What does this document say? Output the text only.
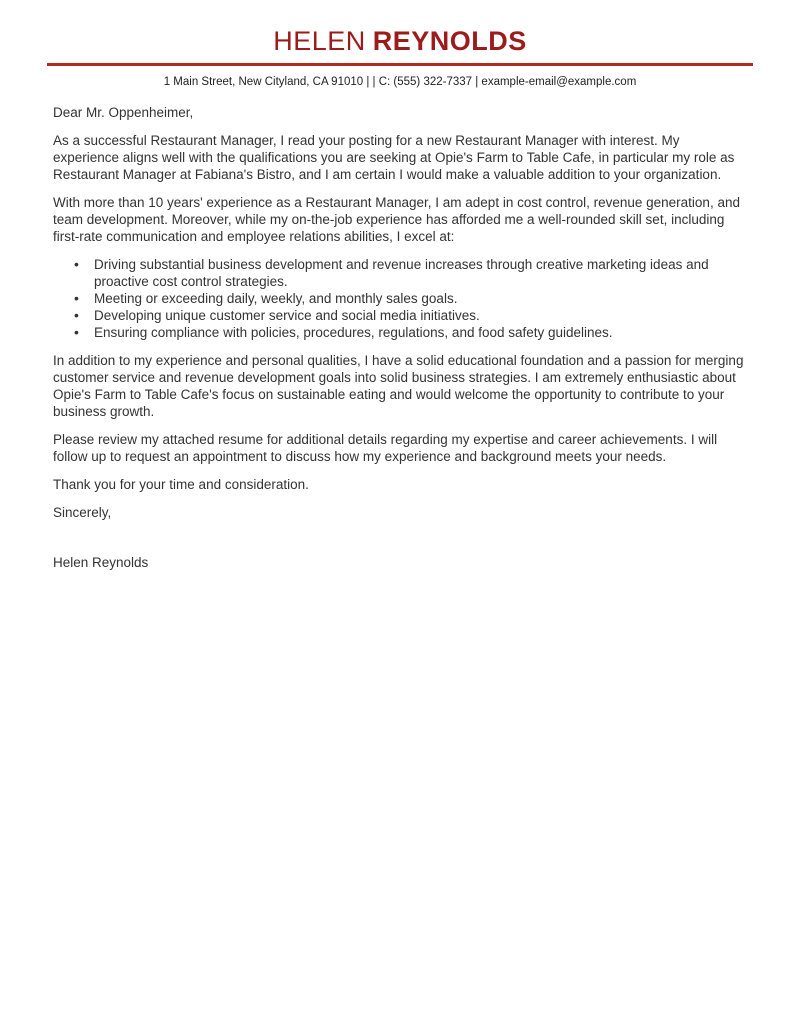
HELEN REYNOLDS
1 Main Street, New Cityland, CA 91010 | | C: (555) 322-7337 | example-email@example.com

Dear Mr. Oppenheimer,

As a successful Restaurant Manager, I read your posting for a new Restaurant Manager with interest. My experience aligns well with the qualifications you are seeking at Opie's Farm to Table Cafe, in particular my role as Restaurant Manager at Fabiana's Bistro, and I am certain I would make a valuable addition to your organization.

With more than 10 years' experience as a Restaurant Manager, I am adept in cost control, revenue generation, and team development. Moreover, while my on-the-job experience has afforded me a well-rounded skill set, including first-rate communication and employee relations abilities, I excel at:

• Driving substantial business development and revenue increases through creative marketing ideas and proactive cost control strategies.
• Meeting or exceeding daily, weekly, and monthly sales goals.
• Developing unique customer service and social media initiatives.
• Ensuring compliance with policies, procedures, regulations, and food safety guidelines.

In addition to my experience and personal qualities, I have a solid educational foundation and a passion for merging customer service and revenue development goals into solid business strategies. I am extremely enthusiastic about Opie's Farm to Table Cafe's focus on sustainable eating and would welcome the opportunity to contribute to your business growth.

Please review my attached resume for additional details regarding my expertise and career achievements. I will follow up to request an appointment to discuss how my experience and background meets your needs.

Thank you for your time and consideration.

Sincerely,

Helen Reynolds
